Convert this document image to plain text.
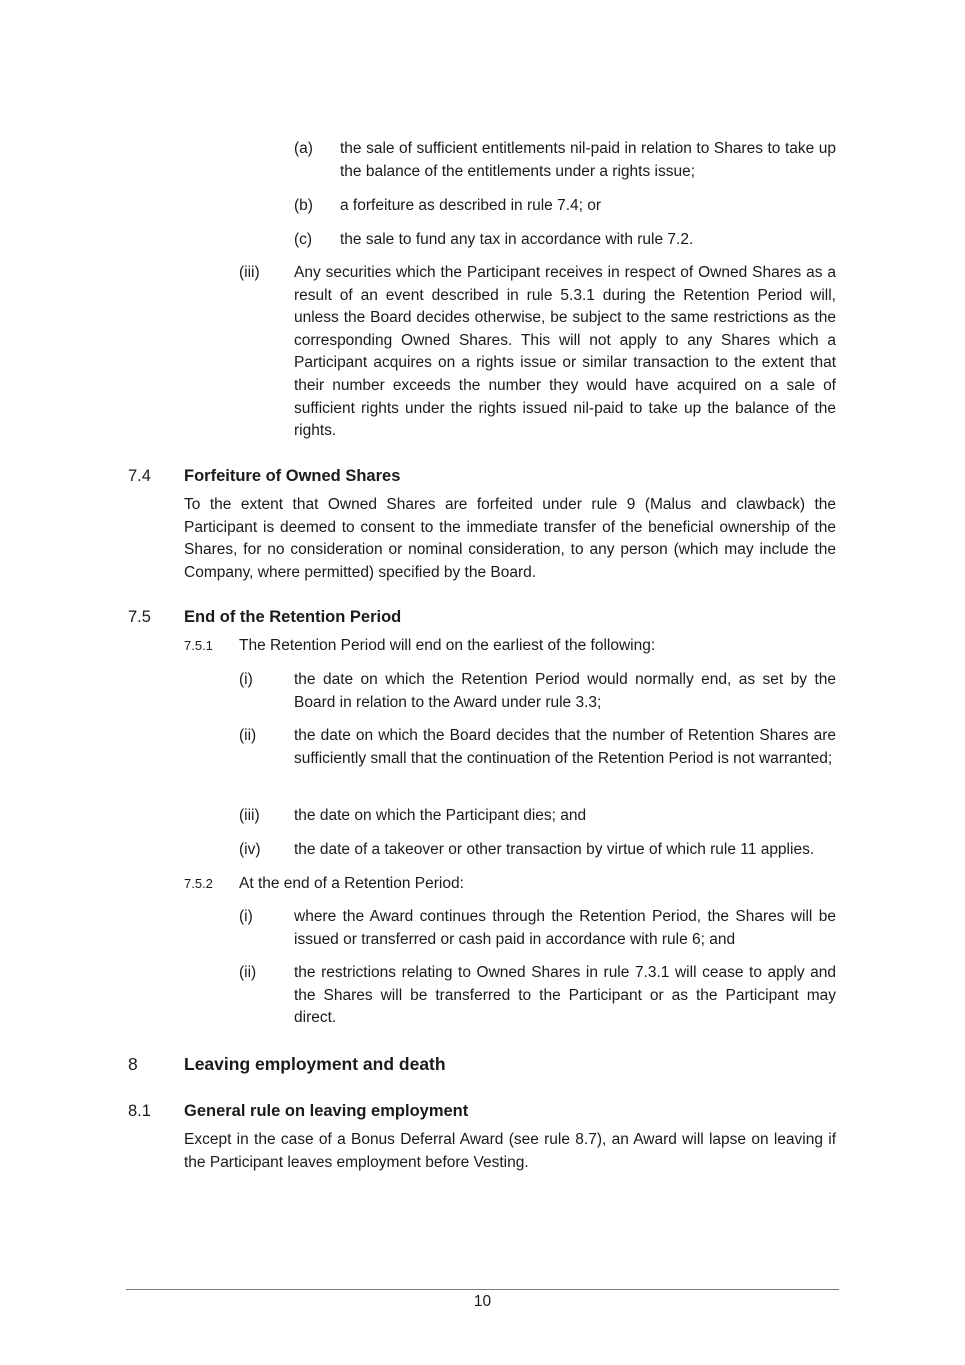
(a)	the sale of sufficient entitlements nil-paid in relation to Shares to take up the balance of the entitlements under a rights issue;
(b)	a forfeiture as described in rule 7.4; or
(c)	the sale to fund any tax in accordance with rule 7.2.
(iii)	Any securities which the Participant receives in respect of Owned Shares as a result of an event described in rule 5.3.1 during the Retention Period will, unless the Board decides otherwise, be subject to the same restrictions as the corresponding Owned Shares. This will not apply to any Shares which a Participant acquires on a rights issue or similar transaction to the extent that their number exceeds the number they would have acquired on a sale of sufficient rights under the rights issued nil-paid to take up the balance of the rights.
7.4	Forfeiture of Owned Shares
To the extent that Owned Shares are forfeited under rule 9 (Malus and clawback) the Participant is deemed to consent to the immediate transfer of the beneficial ownership of the Shares, for no consideration or nominal consideration, to any person (which may include the Company, where permitted) specified by the Board.
7.5	End of the Retention Period
7.5.1	The Retention Period will end on the earliest of the following:
(i)	the date on which the Retention Period would normally end, as set by the Board in relation to the Award under rule 3.3;
(ii)	the date on which the Board decides that the number of Retention Shares are sufficiently small that the continuation of the Retention Period is not warranted;
(iii)	the date on which the Participant dies; and
(iv)	the date of a takeover or other transaction by virtue of which rule 11 applies.
7.5.2	At the end of a Retention Period:
(i)	where the Award continues through the Retention Period, the Shares will be issued or transferred or cash paid in accordance with rule 6; and
(ii)	the restrictions relating to Owned Shares in rule 7.3.1 will cease to apply and the Shares will be transferred to the Participant or as the Participant may direct.
8	Leaving employment and death
8.1	General rule on leaving employment
Except in the case of a Bonus Deferral Award (see rule 8.7), an Award will lapse on leaving if the Participant leaves employment before Vesting.
10
